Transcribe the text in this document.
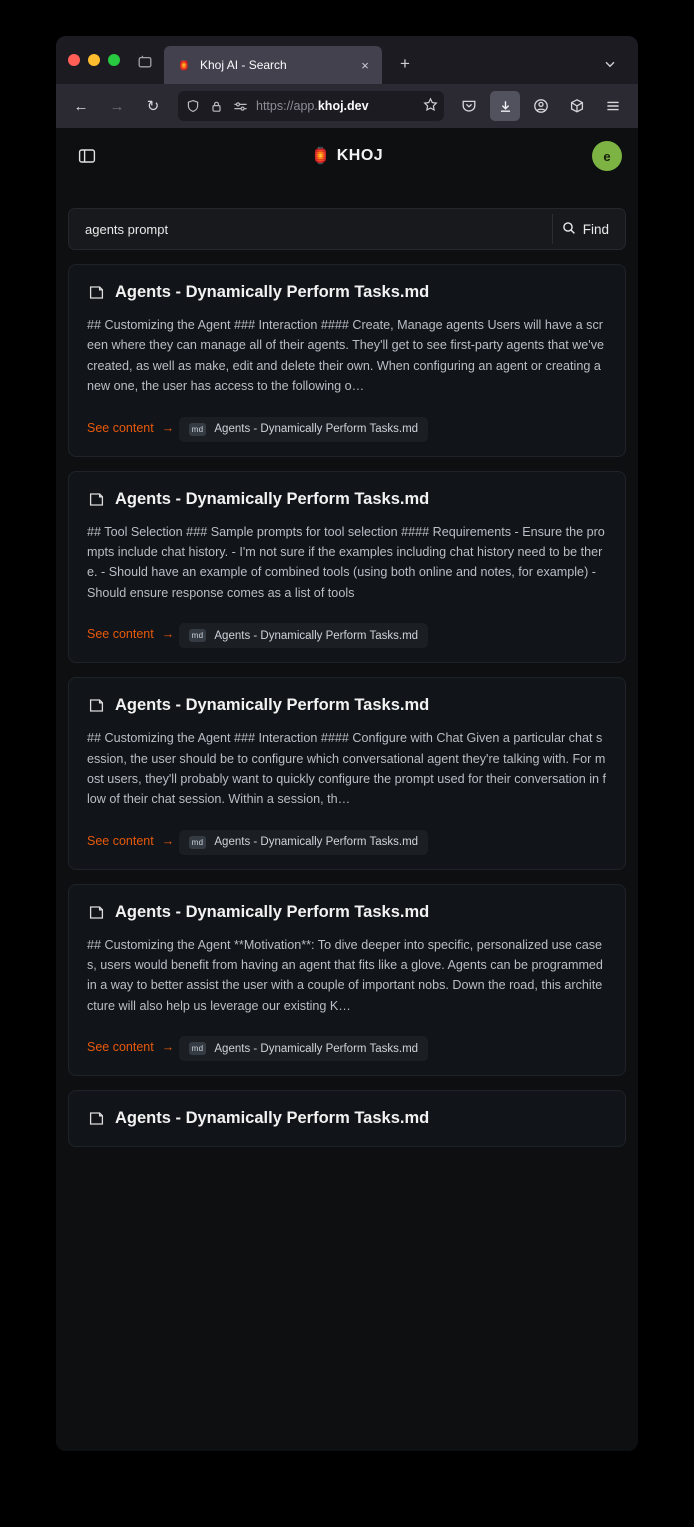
🏮 Khoj AI - Search	×	+
←	→	↻	https://app.khoj.dev
🏮 KHOJ	e
agents prompt
Find
Agents - Dynamically Perform Tasks.md
## Customizing the Agent ### Interaction #### Create, Manage agents Users will have a screen where they can manage all of their agents. They'll get to see first-party agents that we've created, as well as make, edit and delete their own. When configuring an agent or creating a new one, the user has access to the following o…
See content →
	md Agents - Dynamically Perform Tasks.md
Agents - Dynamically Perform Tasks.md
## Tool Selection ### Sample prompts for tool selection #### Requirements - Ensure the prompts include chat history. - I'm not sure if the examples including chat history need to be there. - Should have an example of combined tools (using both online and notes, for example) - Should ensure response comes as a list of tools
See content →
	md Agents - Dynamically Perform Tasks.md
Agents - Dynamically Perform Tasks.md
## Customizing the Agent ### Interaction #### Configure with Chat Given a particular chat session, the user should be to configure which conversational agent they're talking with. For most users, they'll probably want to quickly configure the prompt used for their conversation in flow of their chat session. Within a session, th…
See content →
	md Agents - Dynamically Perform Tasks.md
Agents - Dynamically Perform Tasks.md
## Customizing the Agent **Motivation**: To dive deeper into specific, personalized use cases, users would benefit from having an agent that fits like a glove. Agents can be programmed in a way to better assist the user with a couple of important nobs. Down the road, this architecture will also help us leverage our existing K…
See content →
	md Agents - Dynamically Perform Tasks.md
Agents - Dynamically Perform Tasks.md
